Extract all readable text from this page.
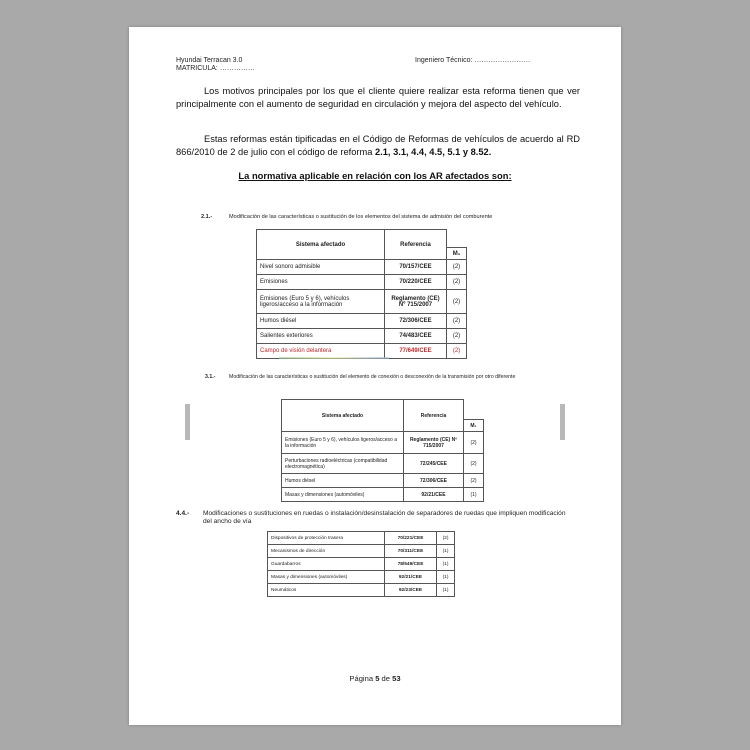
Hyundai Terracan 3.0
MATRICULA: ……………
Ingeniero Técnico: ……………………

Los motivos principales por los que el cliente quiere realizar esta reforma tienen que ver principalmente con el aumento de seguridad en circulación y mejora del aspecto del vehículo.

Estas reformas están tipificadas en el Código de Reformas de vehículos de acuerdo al RD 866/2010 de 2 de julio con el código de reforma 2.1, 3.1, 4.4, 4.5, 5.1 y 8.52.

La normativa aplicable en relación con los AR afectados son:
2.1.-	Modificación de las características o sustitución de los elementos del sistema de admisión del comburente
Sistema afectado	Referencia	
		M₁
Nivel sonoro admisible	70/157/CEE	(2)
Emisiones	70/220/CEE	(2)
Emisiones (Euro 5 y 6), vehículos ligeros/acceso a la información	Reglamento (CE) Nº 715/2007	(2)
Humos diésel	72/306/CEE	(2)
Salientes exteriores	74/483/CEE	(2)
Campo de visión delantera	77/649/CEE	(2)
3.1.-	Modificación de las características o sustitución del elemento de conexión o desconexión de la transmisión por otro diferente
Sistema afectado	Referencia	
		M₁
Emisiones (Euro 5 y 6), vehículos ligeros/acceso a la información	Reglamento (CE) Nº 715/2007	(2)
Perturbaciones radioeléctricas (compatibilidad electromagnética)	72/245/CEE	(2)
Humos diésel	72/306/CEE	(2)
Masas y dimensiones (automóviles)	92/21/CEE	(1)
4.4.- Modificaciones o sustituciones en ruedas o instalación/desinstalación de separadores de ruedas que impliquen modificación del ancho de vía
Dispositivos de protección trasera	70/221/CEE	(2)
Mecanismos de dirección	70/311/CEE	(1)
Guardabarros	78/549/CEE	(1)
Masas y dimensiones (automóviles)	92/21/CEE	(1)
Neumáticos	92/23/CEE	(1)
Página 5 de 53
